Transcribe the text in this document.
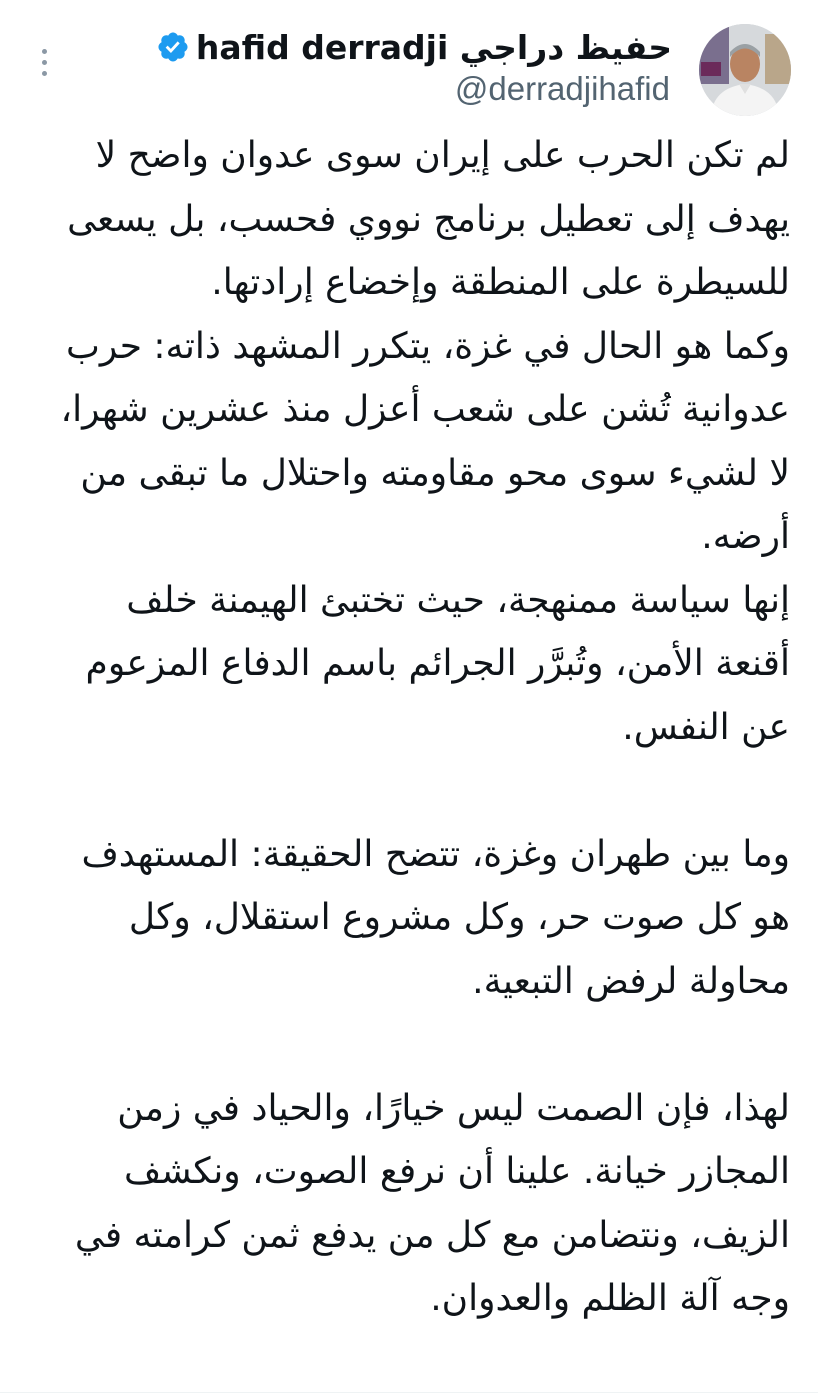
حفيظ دراجي hafid derradji
@derradjihafid
لم تكن الحرب على إيران سوى عدوان واضح لا
يهدف إلى تعطيل برنامج نووي فحسب، بل يسعى
للسيطرة على المنطقة وإخضاع إرادتها.
وكما هو الحال في غزة، يتكرر المشهد ذاته: حرب
عدوانية تُشن على شعب أعزل منذ عشرين شهرا،
لا لشيء سوى محو مقاومته واحتلال ما تبقى من
أرضه.
إنها سياسة ممنهجة، حيث تختبئ الهيمنة خلف
أقنعة الأمن، وتُبرَّر الجرائم باسم الدفاع المزعوم
عن النفس.
وما بين طهران وغزة، تتضح الحقيقة: المستهدف
هو كل صوت حر، وكل مشروع استقلال، وكل
محاولة لرفض التبعية.
لهذا، فإن الصمت ليس خيارًا، والحياد في زمن
المجازر خيانة. علينا أن نرفع الصوت، ونكشف
الزيف، ونتضامن مع كل من يدفع ثمن كرامته في
وجه آلة الظلم والعدوان.
